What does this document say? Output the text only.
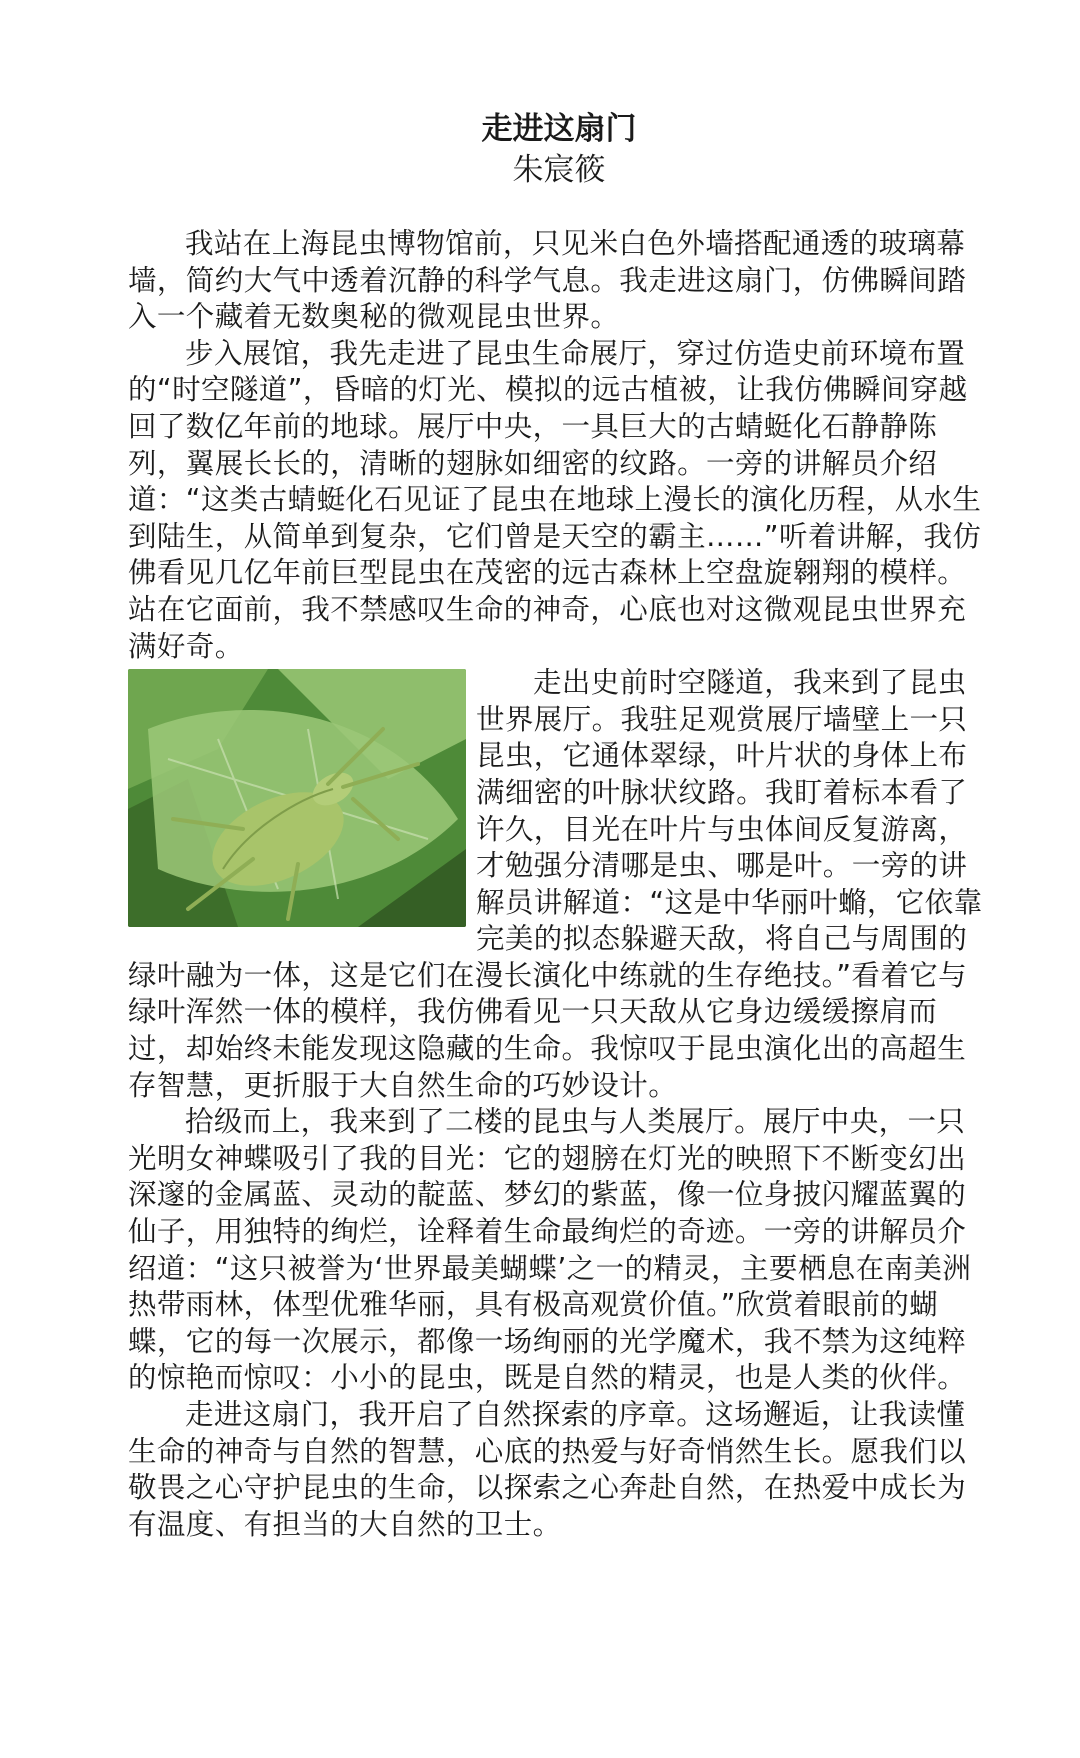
走进这扇门

朱宸筱

我站在上海昆虫博物馆前，只见米白色外墙搭配通透的玻璃幕墙，简约大气中透着沉静的科学气息。我走进这扇门，仿佛瞬间踏入一个藏着无数奥秘的微观昆虫世界。

步入展馆，我先走进了昆虫生命展厅，穿过仿造史前环境布置的“时空隧道”，昏暗的灯光、模拟的远古植被，让我仿佛瞬间穿越回了数亿年前的地球。展厅中央，一具巨大的古蜻蜓化石静静陈列，翼展长长的，清晰的翅脉如细密的纹路。一旁的讲解员介绍道：“这类古蜻蜓化石见证了昆虫在地球上漫长的演化历程，从水生到陆生，从简单到复杂，它们曾是天空的霸主……”听着讲解，我仿佛看见几亿年前巨型昆虫在茂密的远古森林上空盘旋翱翔的模样。站在它面前，我不禁感叹生命的神奇，心底也对这微观昆虫世界充满好奇。

走出史前时空隧道，我来到了昆虫世界展厅。我驻足观赏展厅墙壁上一只昆虫，它通体翠绿，叶片状的身体上布满细密的叶脉状纹路。我盯着标本看了许久，目光在叶片与虫体间反复游离，才勉强分清哪是虫、哪是叶。一旁的讲解员讲解道：“这是中华丽叶䗛，它依靠完美的拟态躲避天敌，将自己与周围的绿叶融为一体，这是它们在漫长演化中练就的生存绝技。”看着它与绿叶浑然一体的模样，我仿佛看见一只天敌从它身边缓缓擦肩而过，却始终未能发现这隐藏的生命。我惊叹于昆虫演化出的高超生存智慧，更折服于大自然生命的巧妙设计。

拾级而上，我来到了二楼的昆虫与人类展厅。展厅中央，一只光明女神蝶吸引了我的目光：它的翅膀在灯光的映照下不断变幻出深邃的金属蓝、灵动的靛蓝、梦幻的紫蓝，像一位身披闪耀蓝翼的仙子，用独特的绚烂，诠释着生命最绚烂的奇迹。一旁的讲解员介绍道：“这只被誉为‘世界最美蝴蝶’之一的精灵，主要栖息在南美洲热带雨林，体型优雅华丽，具有极高观赏价值。”欣赏着眼前的蝴蝶，它的每一次展示，都像一场绚丽的光学魔术，我不禁为这纯粹的惊艳而惊叹：小小的昆虫，既是自然的精灵，也是人类的伙伴。

走进这扇门，我开启了自然探索的序章。这场邂逅，让我读懂生命的神奇与自然的智慧，心底的热爱与好奇悄然生长。愿我们以敬畏之心守护昆虫的生命，以探索之心奔赴自然，在热爱中成长为有温度、有担当的大自然的卫士。
